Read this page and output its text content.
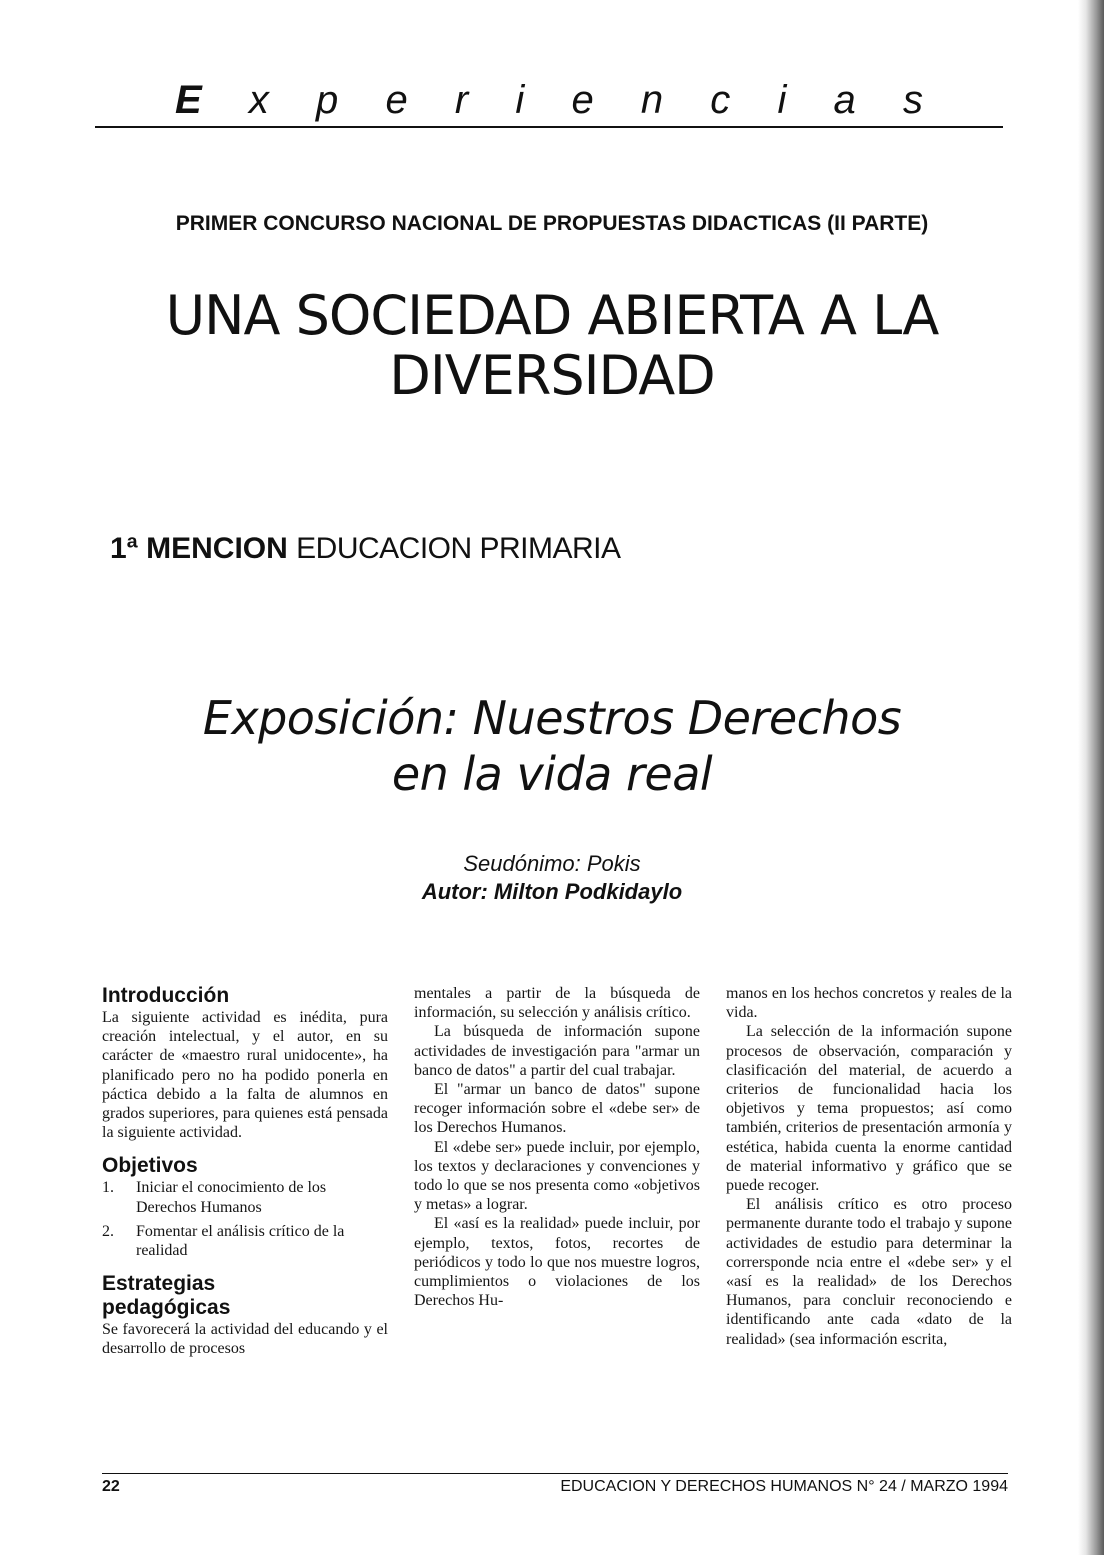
E x p e r i e n c i a s
PRIMER CONCURSO NACIONAL DE PROPUESTAS DIDACTICAS (II PARTE)
UNA SOCIEDAD ABIERTA A LA
DIVERSIDAD
1ª MENCION EDUCACION PRIMARIA
Exposición: Nuestros Derechos
en la vida real
Seudónimo: Pokis
Autor: Milton Podkidaylo
Introducción

La siguiente actividad es inédita, pura creación intelectual, y el autor, en su carácter de «maestro rural unidocente», ha planificado pero no ha podido ponerla en páctica debido a la falta de alumnos en grados superiores, para quienes está pensada la siguiente actividad.

Objetivos
1. Iniciar el conocimiento de los Derechos Humanos
2. Fomentar el análisis crítico de la realidad
Estrategias
pedagógicas

Se favorecerá la actividad del educando y el desarrollo de procesos

mentales a partir de la búsqueda de información, su selección y análisis crítico.

La búsqueda de información supone actividades de investigación para "armar un banco de datos" a partir del cual trabajar.

El "armar un banco de datos" supone recoger información sobre el «debe ser» de los Derechos Humanos.

El «debe ser» puede incluir, por ejemplo, los textos y declaraciones y convenciones y todo lo que se nos presenta como «objetivos y metas» a lograr.

El «así es la realidad» puede incluir, por ejemplo, textos, fotos, recortes de periódicos y todo lo que nos muestre logros, cumplimientos o violaciones de los Derechos Hu-

manos en los hechos concretos y reales de la vida.

La selección de la información supone procesos de observación, comparación y clasificación del material, de acuerdo a criterios de funcionalidad hacia los objetivos y tema propuestos; así como también, criterios de presentación armonía y estética, habida cuenta la enorme cantidad de material informativo y gráfico que se puede recoger.

El análisis crítico es otro proceso permanente durante todo el trabajo y supone actividades de estudio para determinar la corrersponde ncia entre el «debe ser» y el «así es la realidad» de los Derechos Humanos, para concluir reconociendo e identificando ante cada «dato de la realidad» (sea información escrita,

22	EDUCACION Y DERECHOS HUMANOS N° 24 / MARZO 1994
